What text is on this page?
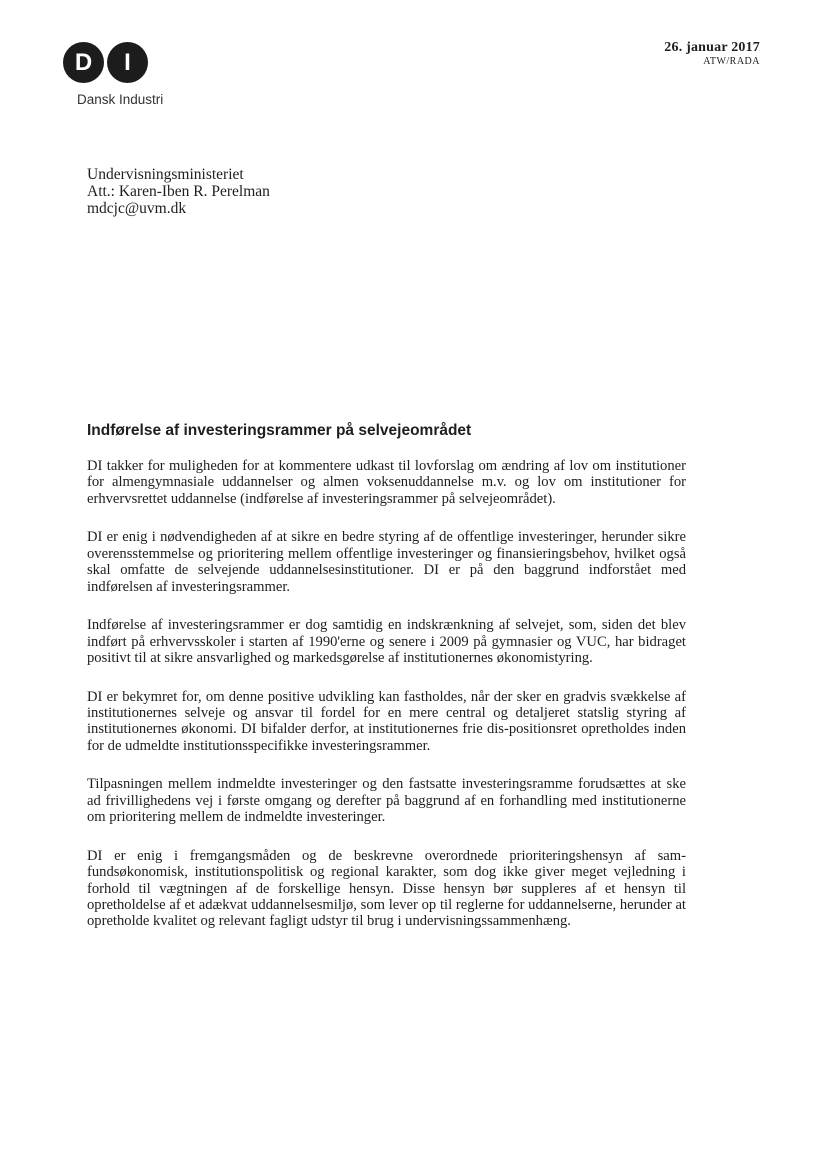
D	I
Dansk Industri
26. januar 2017
ATW/RADA
Undervisningsministeriet
Att.: Karen-Iben R. Perelman
mdcjc@uvm.dk
Indførelse af investeringsrammer på selvejeområdet

DI takker for muligheden for at kommentere udkast til lovforslag om ændring af lov om institutioner for almengymnasiale uddannelser og almen voksenuddannelse m.v. og lov om institutioner for erhvervsrettet uddannelse (indførelse af investeringsrammer på selvejeområdet).

DI er enig i nødvendigheden af at sikre en bedre styring af de offentlige investeringer, herunder sikre overensstemmelse og prioritering mellem offentlige investeringer og finansieringsbehov, hvilket også skal omfatte de selvejende uddannelsesinstitutioner. DI er på den baggrund indforstået med indførelsen af investeringsrammer.

Indførelse af investeringsrammer er dog samtidig en indskrænkning af selvejet, som, siden det blev indført på erhvervsskoler i starten af 1990'erne og senere i 2009 på gymnasier og VUC, har bidraget positivt til at sikre ansvarlighed og markedsgørelse af institutionernes økonomistyring.

DI er bekymret for, om denne positive udvikling kan fastholdes, når der sker en gradvis svækkelse af institutionernes selveje og ansvar til fordel for en mere central og detaljeret statslig styring af institutionernes økonomi. DI bifalder derfor, at institutionernes frie dis-positionsret opretholdes inden for de udmeldte institutionsspecifikke investeringsrammer.

Tilpasningen mellem indmeldte investeringer og den fastsatte investeringsramme forudsættes at ske ad frivillighedens vej i første omgang og derefter på baggrund af en forhandling med institutionerne om prioritering mellem de indmeldte investeringer.

DI er enig i fremgangsmåden og de beskrevne overordnede prioriteringshensyn af samfundsøkonomisk, institutionspolitisk og regional karakter, som dog ikke giver meget vejledning i forhold til vægtningen af de forskellige hensyn. Disse hensyn bør suppleres af et hensyn til opretholdelse af et adækvat uddannelsesmiljø, som lever op til reglerne for uddannelserne, herunder at opretholde kvalitet og relevant fagligt udstyr til brug i undervisningssammenhæng.
